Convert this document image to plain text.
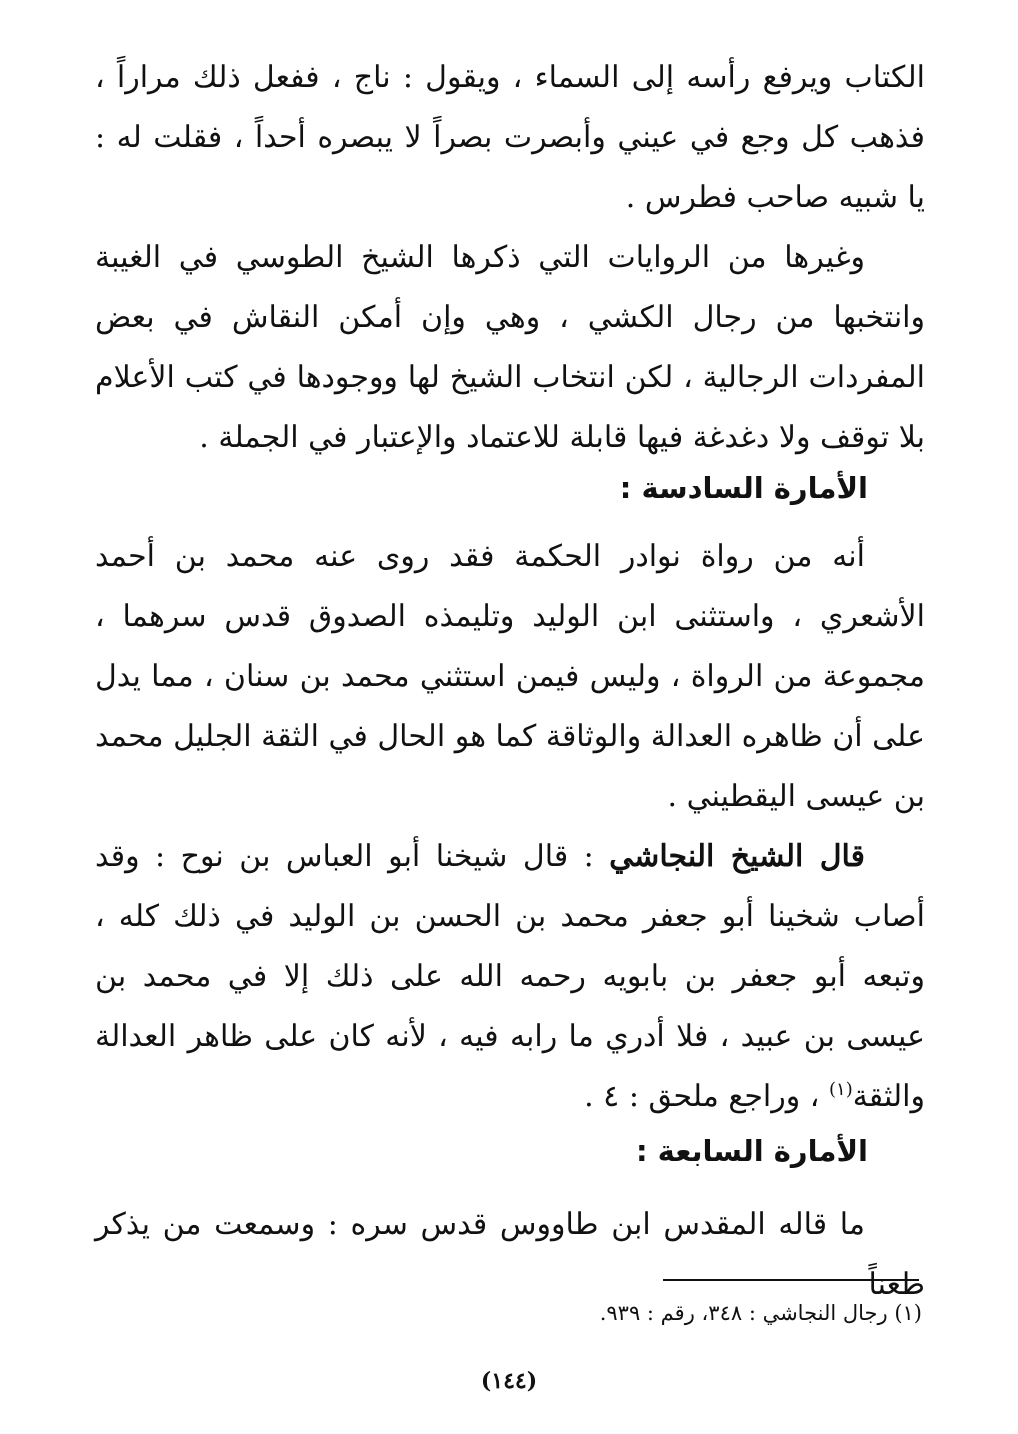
الكتاب ويرفع رأسه إلى السماء ، ويقول : ناج ، ففعل ذلك مراراً ، فذهب كل وجع في عيني وأبصرت بصراً لا يبصره أحداً ، فقلت له : يا شبيه صاحب فطرس .

وغيرها من الروايات التي ذكرها الشيخ الطوسي في الغيبة وانتخبها من رجال الكشي ، وهي وإن أمكن النقاش في بعض المفردات الرجالية ، لكن انتخاب الشيخ لها ووجودها في كتب الأعلام بلا توقف ولا دغدغة فيها قابلة للاعتماد والإعتبار في الجملة .

الأمارة السادسة :

أنه من رواة نوادر الحكمة فقد روى عنه محمد بن أحمد الأشعري ، واستثنى ابن الوليد وتليمذه الصدوق قدس سرهما ، مجموعة من الرواة ، وليس فيمن استثني محمد بن سنان ، مما يدل على أن ظاهره العدالة والوثاقة كما هو الحال في الثقة الجليل محمد بن عيسى اليقطيني .

قال الشيخ النجاشي : قال شيخنا أبو العباس بن نوح : وقد أصاب شخينا أبو جعفر محمد بن الحسن بن الوليد في ذلك كله ، وتبعه أبو جعفر بن بابويه رحمه الله على ذلك إلا في محمد بن عيسى بن عبيد ، فلا أدري ما رابه فيه ، لأنه كان على ظاهر العدالة والثقة$^{(١)}$ ، وراجع ملحق : ٤ .

الأمارة السابعة :

ما قاله المقدس ابن طاووس قدس سره : وسمعت من يذكر طعناً

(١) رجال النجاشي : ٣٤٨، رقم : ٩٣٩.
(١٤٤)
